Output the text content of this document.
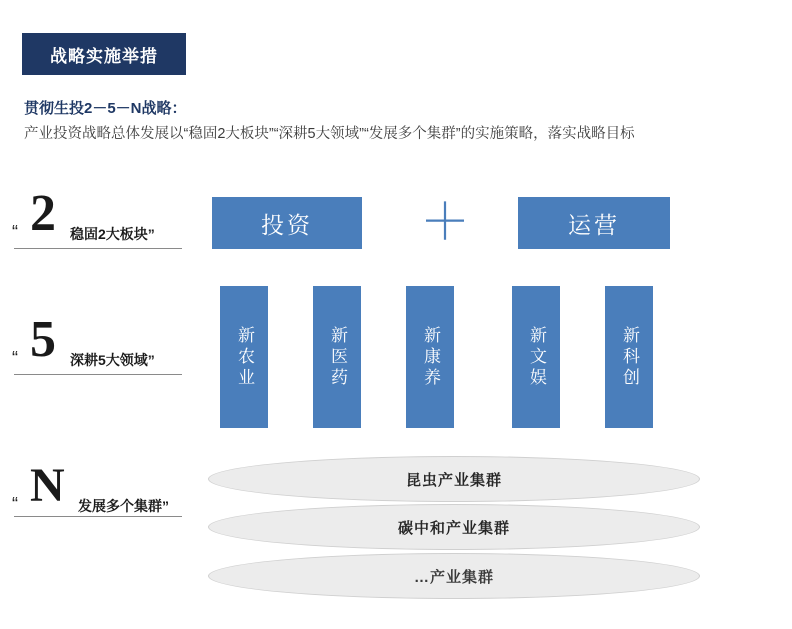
战略实施举措
贯彻生投2－5－N战略：
产业投资战略总体发展以“稳固2大板块”“深耕5大领域”“发展多个集群”的实施策略，落实战略目标
“ 2 稳固2大板块”
“ 5 深耕5大领域”
“ N 发展多个集群”
投资 ＋	运营
新农业	新医药	新康养	新文娱	新科创
昆虫产业集群
碳中和产业集群
…产业集群
